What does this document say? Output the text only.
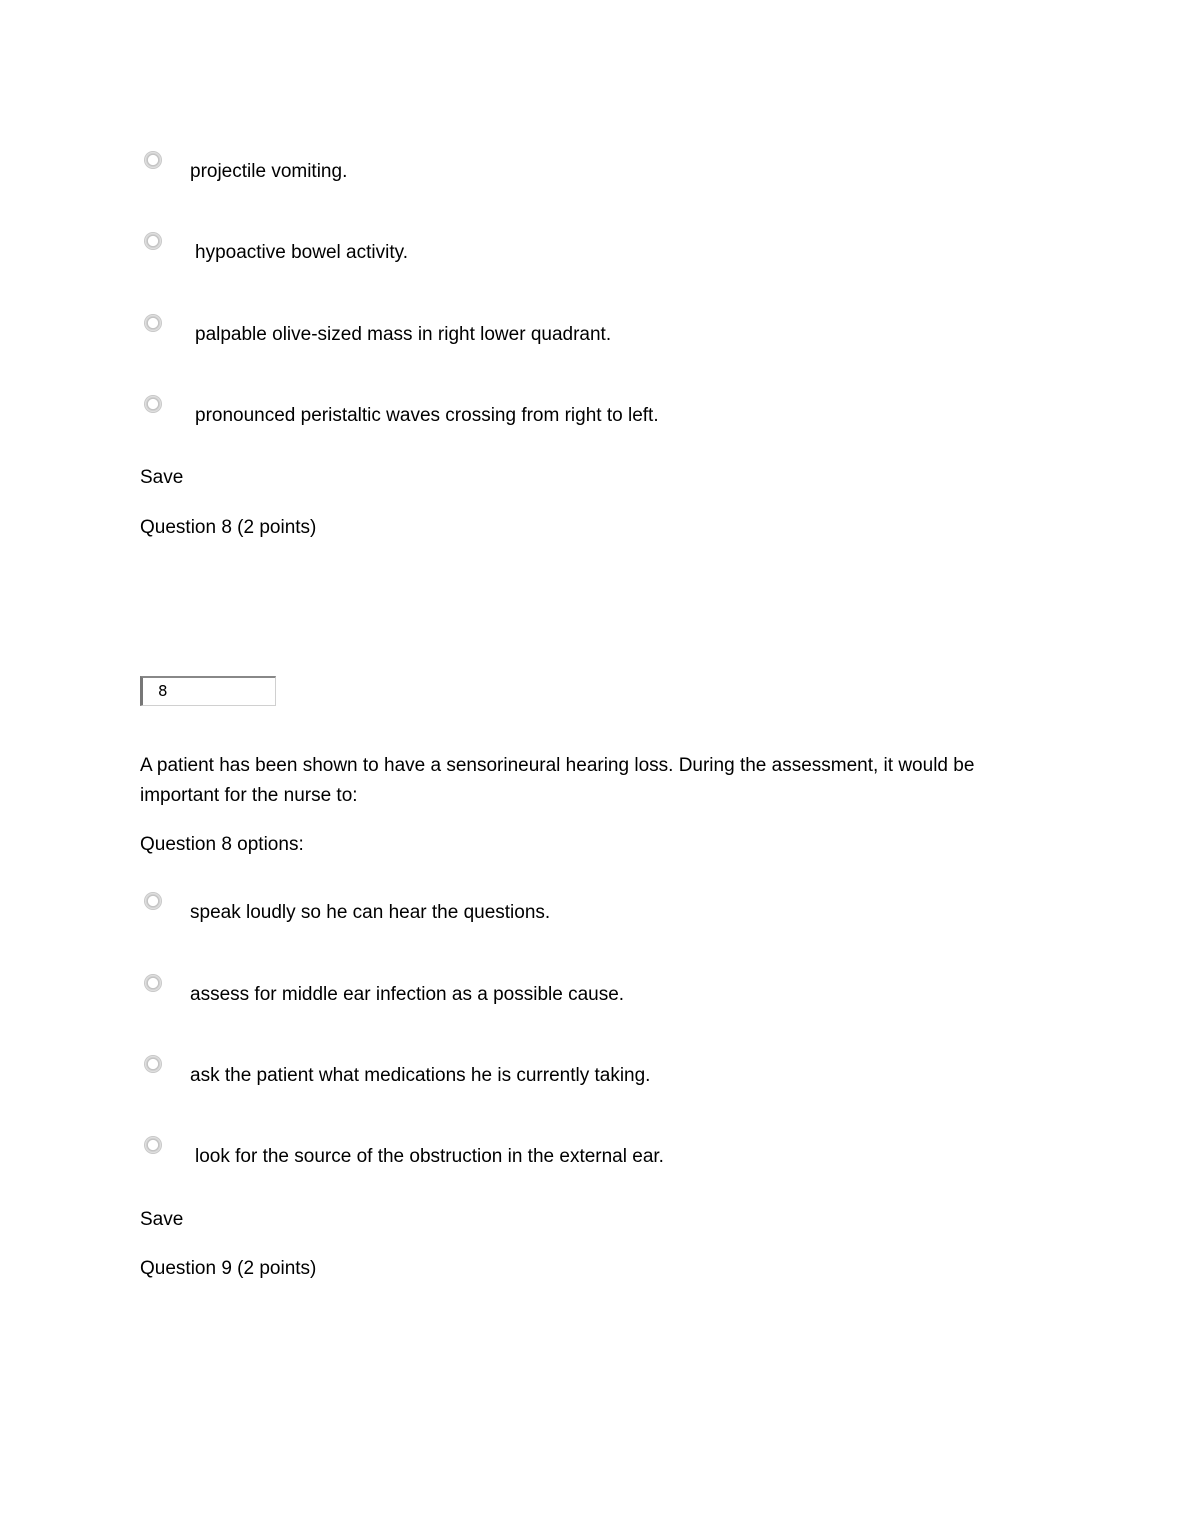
projectile vomiting.
hypoactive bowel activity.
palpable olive-sized mass in right lower quadrant.
pronounced peristaltic waves crossing from right to left.
Save
Question 8 (2 points)
8
A patient has been shown to have a sensorineural hearing loss. During the assessment, it would be important for the nurse to:
Question 8 options:
speak loudly so he can hear the questions.
assess for middle ear infection as a possible cause.
ask the patient what medications he is currently taking.
look for the source of the obstruction in the external ear.
Save
Question 9 (2 points)
